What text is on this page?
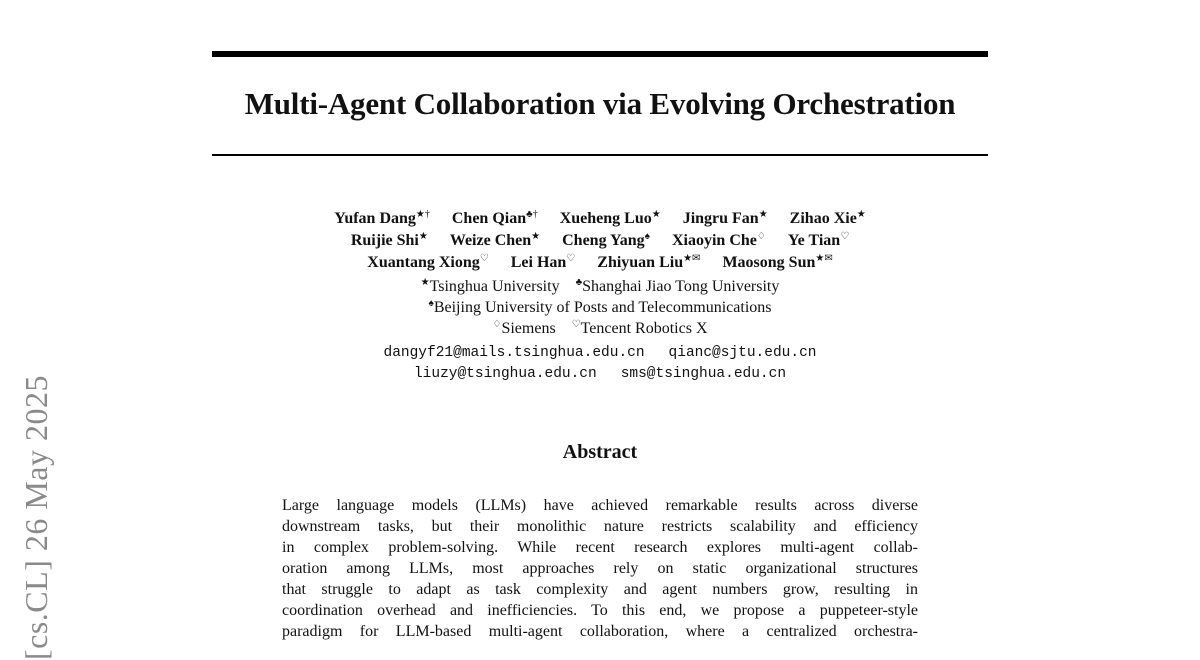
[cs.CL] 26 May 2025
Multi-Agent Collaboration via Evolving Orchestration
Yufan Dang★† Chen Qian♣† Xueheng Luo★ Jingru Fan★ Zihao Xie★
Ruijie Shi★ Weize Chen★ Cheng Yang♠ Xiaoyin Che♢ Ye Tian♡
Xuantang Xiong♡ Lei Han♡ Zhiyuan Liu★✉ Maosong Sun★✉
★Tsinghua University ♣Shanghai Jiao Tong University
♠Beijing University of Posts and Telecommunications
♢Siemens ♡Tencent Robotics X
dangyf21@mails.tsinghua.edu.cn qianc@sjtu.edu.cn
liuzy@tsinghua.edu.cn sms@tsinghua.edu.cn
Abstract
Large language models (LLMs) have achieved remarkable results across diverse
downstream tasks, but their monolithic nature restricts scalability and efficiency
in complex problem-solving. While recent research explores multi-agent collab-
oration among LLMs, most approaches rely on static organizational structures
that struggle to adapt as task complexity and agent numbers grow, resulting in
coordination overhead and inefficiencies. To this end, we propose a puppeteer-style
paradigm for LLM-based multi-agent collaboration, where a centralized orchestra-
